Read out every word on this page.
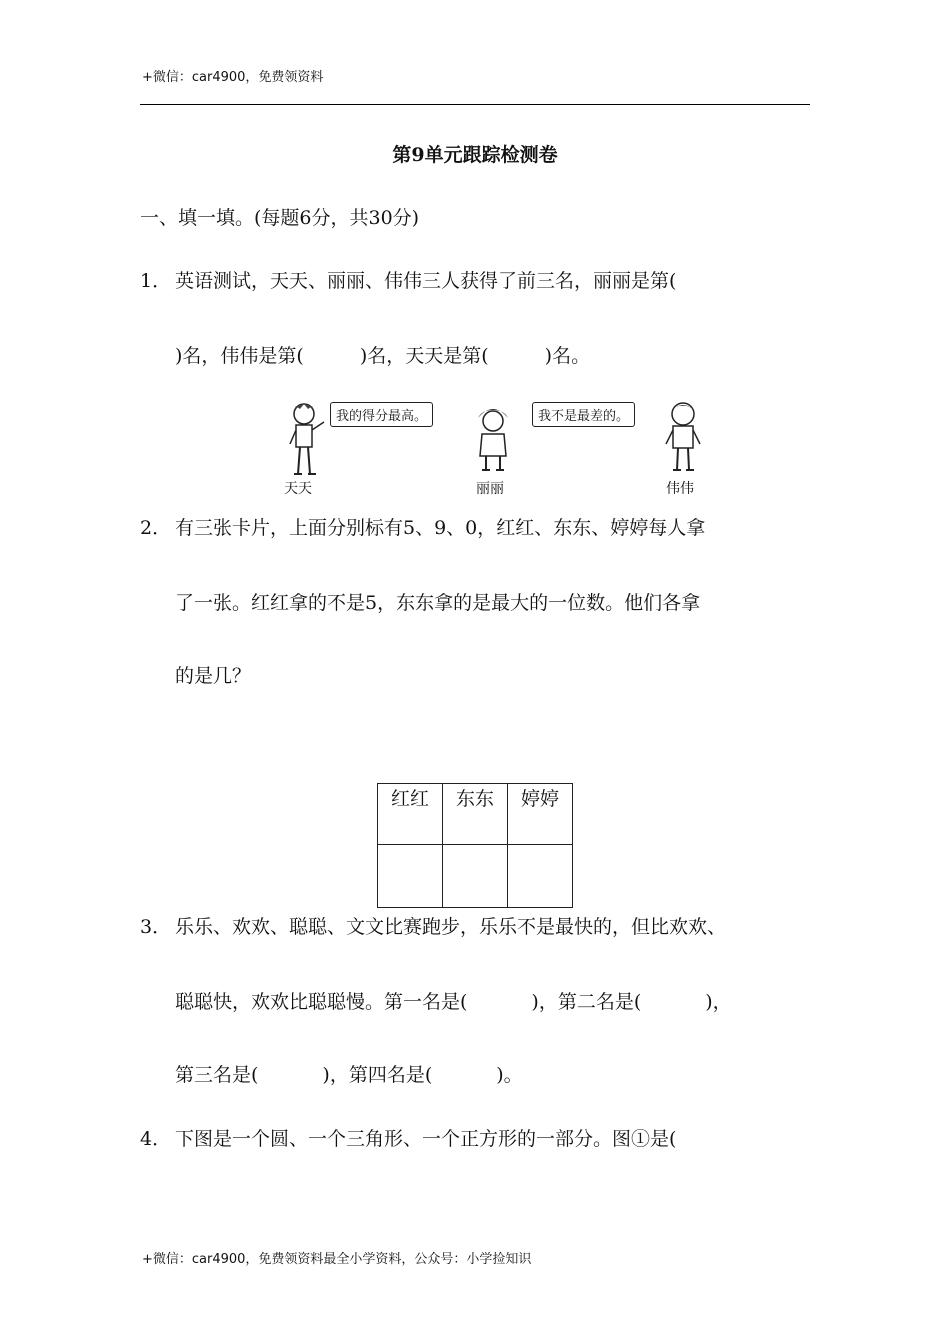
+微信：car4900，免费领资料
第9单元跟踪检测卷
一、填一填。(每题6分，共30分)
1． 英语测试，天天、丽丽、伟伟三人获得了前三名，丽丽是第(
)名，伟伟是第(	)名，天天是第(	)名。
我的得分最高。
天天	丽丽
我不是最差的。
伟伟
2． 有三张卡片，上面分别标有5、9、0，红红、东东、婷婷每人拿
了一张。红红拿的不是5，东东拿的是最大的一位数。他们各拿
的是几？
红红	东东	婷婷

3． 乐乐、欢欢、聪聪、文文比赛跑步，乐乐不是最快的，但比欢欢、
聪聪快，欢欢比聪聪慢。第一名是(	)，第二名是(	)，
第三名是(	)，第四名是(	)。
4． 下图是一个圆、一个三角形、一个正方形的一部分。图①是(
+微信：car4900，免费领资料最全小学资料，公众号：小学捡知识
